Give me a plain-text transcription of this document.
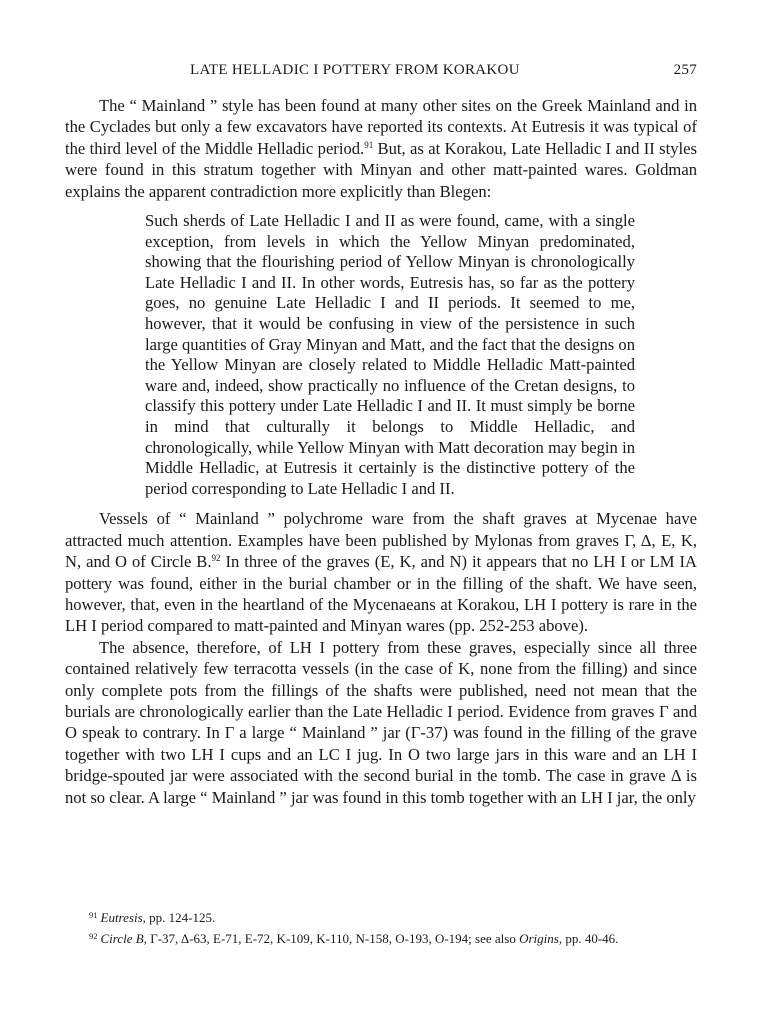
LATE HELLADIC I POTTERY FROM KORAKOU	257

The “ Mainland ” style has been found at many other sites on the Greek Mainland and in the Cyclades but only a few excavators have reported its contexts. At Eutresis it was typical of the third level of the Middle Helladic period.$^{91}$ But, as at Korakou, Late Helladic I and II styles were found in this stratum together with Minyan and other matt-painted wares. Goldman explains the apparent contradiction more explicitly than Blegen:

Such sherds of Late Helladic I and II as were found, came, with a single exception, from levels in which the Yellow Minyan predominated, showing that the flourishing period of Yellow Minyan is chronologically Late Helladic I and II. In other words, Eutresis has, so far as the pottery goes, no genuine Late Helladic I and II periods. It seemed to me, however, that it would be confusing in view of the persistence in such large quantities of Gray Minyan and Matt, and the fact that the designs on the Yellow Minyan are closely related to Middle Helladic Matt-painted ware and, indeed, show practically no influence of the Cretan designs, to classify this pottery under Late Helladic I and II. It must simply be borne in mind that culturally it belongs to Middle Helladic, and chronologically, while Yellow Minyan with Matt decoration may begin in Middle Helladic, at Eutresis it certainly is the distinctive pottery of the period corresponding to Late Helladic I and II.

Vessels of “ Mainland ” polychrome ware from the shaft graves at Mycenae have attracted much attention. Examples have been published by Mylonas from graves Γ, Δ, E, K, N, and O of Circle B.$^{92}$ In three of the graves (E, K, and N) it appears that no LH I or LM IA pottery was found, either in the burial chamber or in the filling of the shaft. We have seen, however, that, even in the heartland of the Mycenaeans at Korakou, LH I pottery is rare in the LH I period compared to matt-painted and Minyan wares (pp. 252-253 above).

The absence, therefore, of LH I pottery from these graves, especially since all three contained relatively few terracotta vessels (in the case of K, none from the filling) and since only complete pots from the fillings of the shafts were published, need not mean that the burials are chronologically earlier than the Late Helladic I period. Evidence from graves Γ and O speak to contrary. In Γ a large “ Mainland ” jar (Γ-37) was found in the filling of the grave together with two LH I cups and an LC I jug. In O two large jars in this ware and an LH I bridge-spouted jar were associated with the second burial in the tomb. The case in grave Δ is not so clear. A large “ Mainland ” jar was found in this tomb together with an LH I jar, the only

$^{91}$ Eutresis, pp. 124-125.

$^{92}$ Circle B, Γ-37, Δ-63, E-71, E-72, K-109, K-110, N-158, O-193, O-194; see also Origins, pp. 40-46.
